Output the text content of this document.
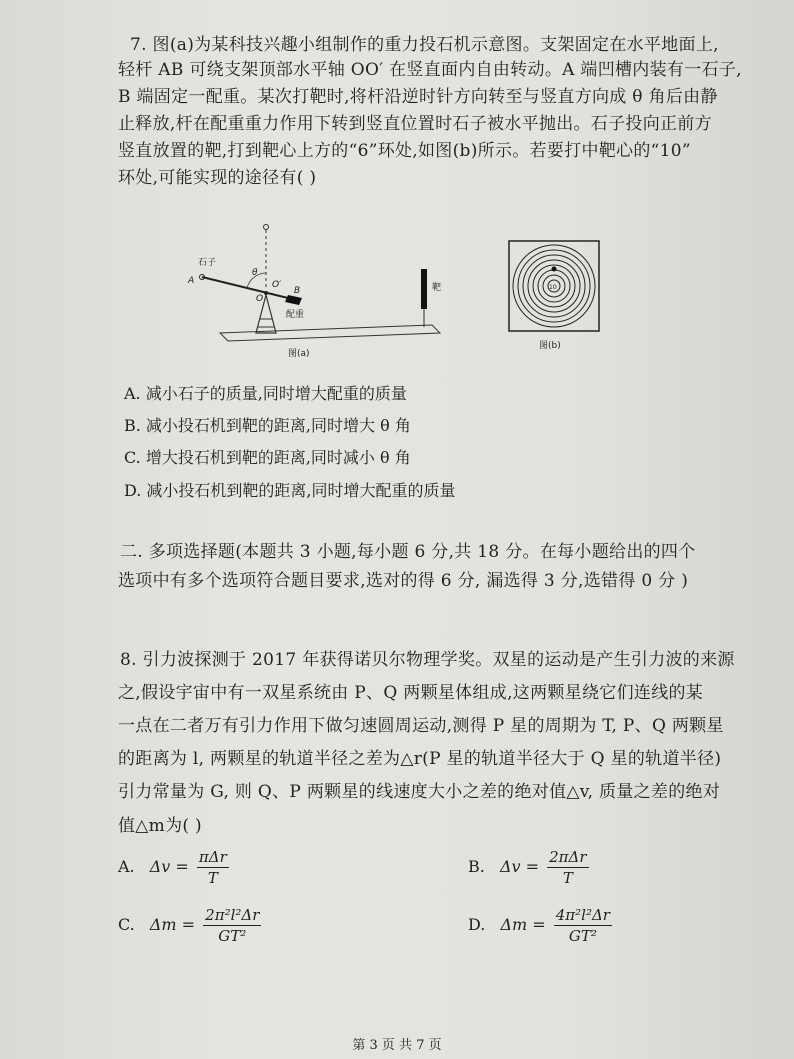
7. 图(a)为某科技兴趣小组制作的重力投石机示意图。支架固定在水平地面上,
轻杆 AB 可绕支架顶部水平轴 OO′ 在竖直面内自由转动。A 端凹槽内装有一石子,
B 端固定一配重。某次打靶时,将杆沿逆时针方向转至与竖直方向成 θ 角后由静
止释放,杆在配重重力作用下转到竖直位置时石子被水平抛出。石子投向正前方
竖直放置的靶,打到靶心上方的“6”环处,如图(b)所示。若要打中靶心的“10”
环处,可能实现的途径有( )
石子
A
θ
O′
O
B
配重
靶
图(a)
10
图(b)
A. 减小石子的质量,同时增大配重的质量
B. 减小投石机到靶的距离,同时增大 θ 角
C. 增大投石机到靶的距离,同时减小 θ 角
D. 减小投石机到靶的距离,同时增大配重的质量
二. 多项选择题(本题共 3 小题,每小题 6 分,共 18 分。在每小题给出的四个
选项中有多个选项符合题目要求,选对的得 6 分, 漏选得 3 分,选错得 0 分 )
8. 引力波探测于 2017 年获得诺贝尔物理学奖。双星的运动是产生引力波的来源
之,假设宇宙中有一双星系统由 P、Q 两颗星体组成,这两颗星绕它们连线的某
一点在二者万有引力作用下做匀速圆周运动,测得 P 星的周期为 T, P、Q 两颗星
的距离为 l, 两颗星的轨道半径之差为△r(P 星的轨道半径大于 Q 星的轨道半径)
引力常量为 G, 则 Q、P 两颗星的线速度大小之差的绝对值△v, 质量之差的绝对
值△m为( )
A. $\Delta v = \frac{\text{πΔr}}{T}$	B. $\Delta v = \frac{\text{2πΔr}}{T}$
C. $\Delta m = \frac{\text{2π²l²Δr}}{\text{GT²}}$	D. $\Delta m = \frac{\text{4π²l²Δr}}{\text{GT²}}$
第 3 页 共 7 页
